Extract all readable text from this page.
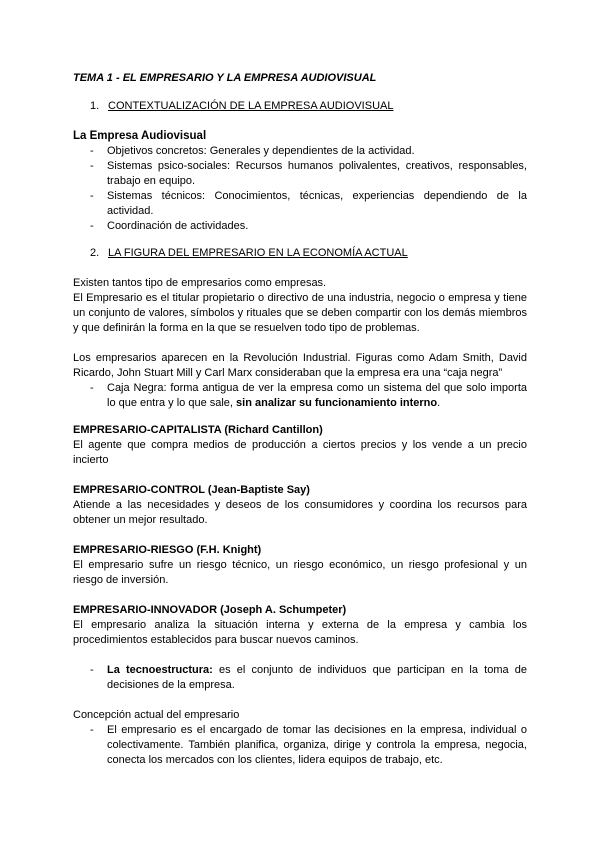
TEMA 1 - EL EMPRESARIO Y LA EMPRESA AUDIOVISUAL
1. CONTEXTUALIZACIÓN DE LA EMPRESA AUDIOVISUAL
La Empresa Audiovisual
- Objetivos concretos: Generales y dependientes de la actividad.
- Sistemas psico-sociales: Recursos humanos polivalentes, creativos, responsables, trabajo en equipo.
- Sistemas técnicos: Conocimientos, técnicas, experiencias dependiendo de la actividad.
- Coordinación de actividades.
2. LA FIGURA DEL EMPRESARIO EN LA ECONOMÍA ACTUAL

Existen tantos tipo de empresarios como empresas.

El Empresario es el titular propietario o directivo de una industria, negocio o empresa y tiene un conjunto de valores, símbolos y rituales que se deben compartir con los demás miembros y que definirán la forma en la que se resuelven todo tipo de problemas.

Los empresarios aparecen en la Revolución Industrial. Figuras como Adam Smith, David Ricardo, John Stuart Mill y Carl Marx consideraban que la empresa era una “caja negra”

- Caja Negra: forma antigua de ver la empresa como un sistema del que solo importa lo que entra y lo que sale, sin analizar su funcionamiento interno.
EMPRESARIO-CAPITALISTA (Richard Cantillon)

El agente que compra medios de producción a ciertos precios y los vende a un precio incierto

EMPRESARIO-CONTROL (Jean-Baptiste Say)

Atiende a las necesidades y deseos de los consumidores y coordina los recursos para obtener un mejor resultado.

EMPRESARIO-RIESGO (F.H. Knight)

El empresario sufre un riesgo técnico, un riesgo económico, un riesgo profesional y un riesgo de inversión.

EMPRESARIO-INNOVADOR (Joseph A. Schumpeter)

El empresario analiza la situación interna y externa de la empresa y cambia los procedimientos establecidos para buscar nuevos caminos.

- La tecnoestructura: es el conjunto de individuos que participan en la toma de decisiones de la empresa.
Concepción actual del empresario
- El empresario es el encargado de tomar las decisiones en la empresa, individual o colectivamente. También planifica, organiza, dirige y controla la empresa, negocia, conecta los mercados con los clientes, lidera equipos de trabajo, etc.
